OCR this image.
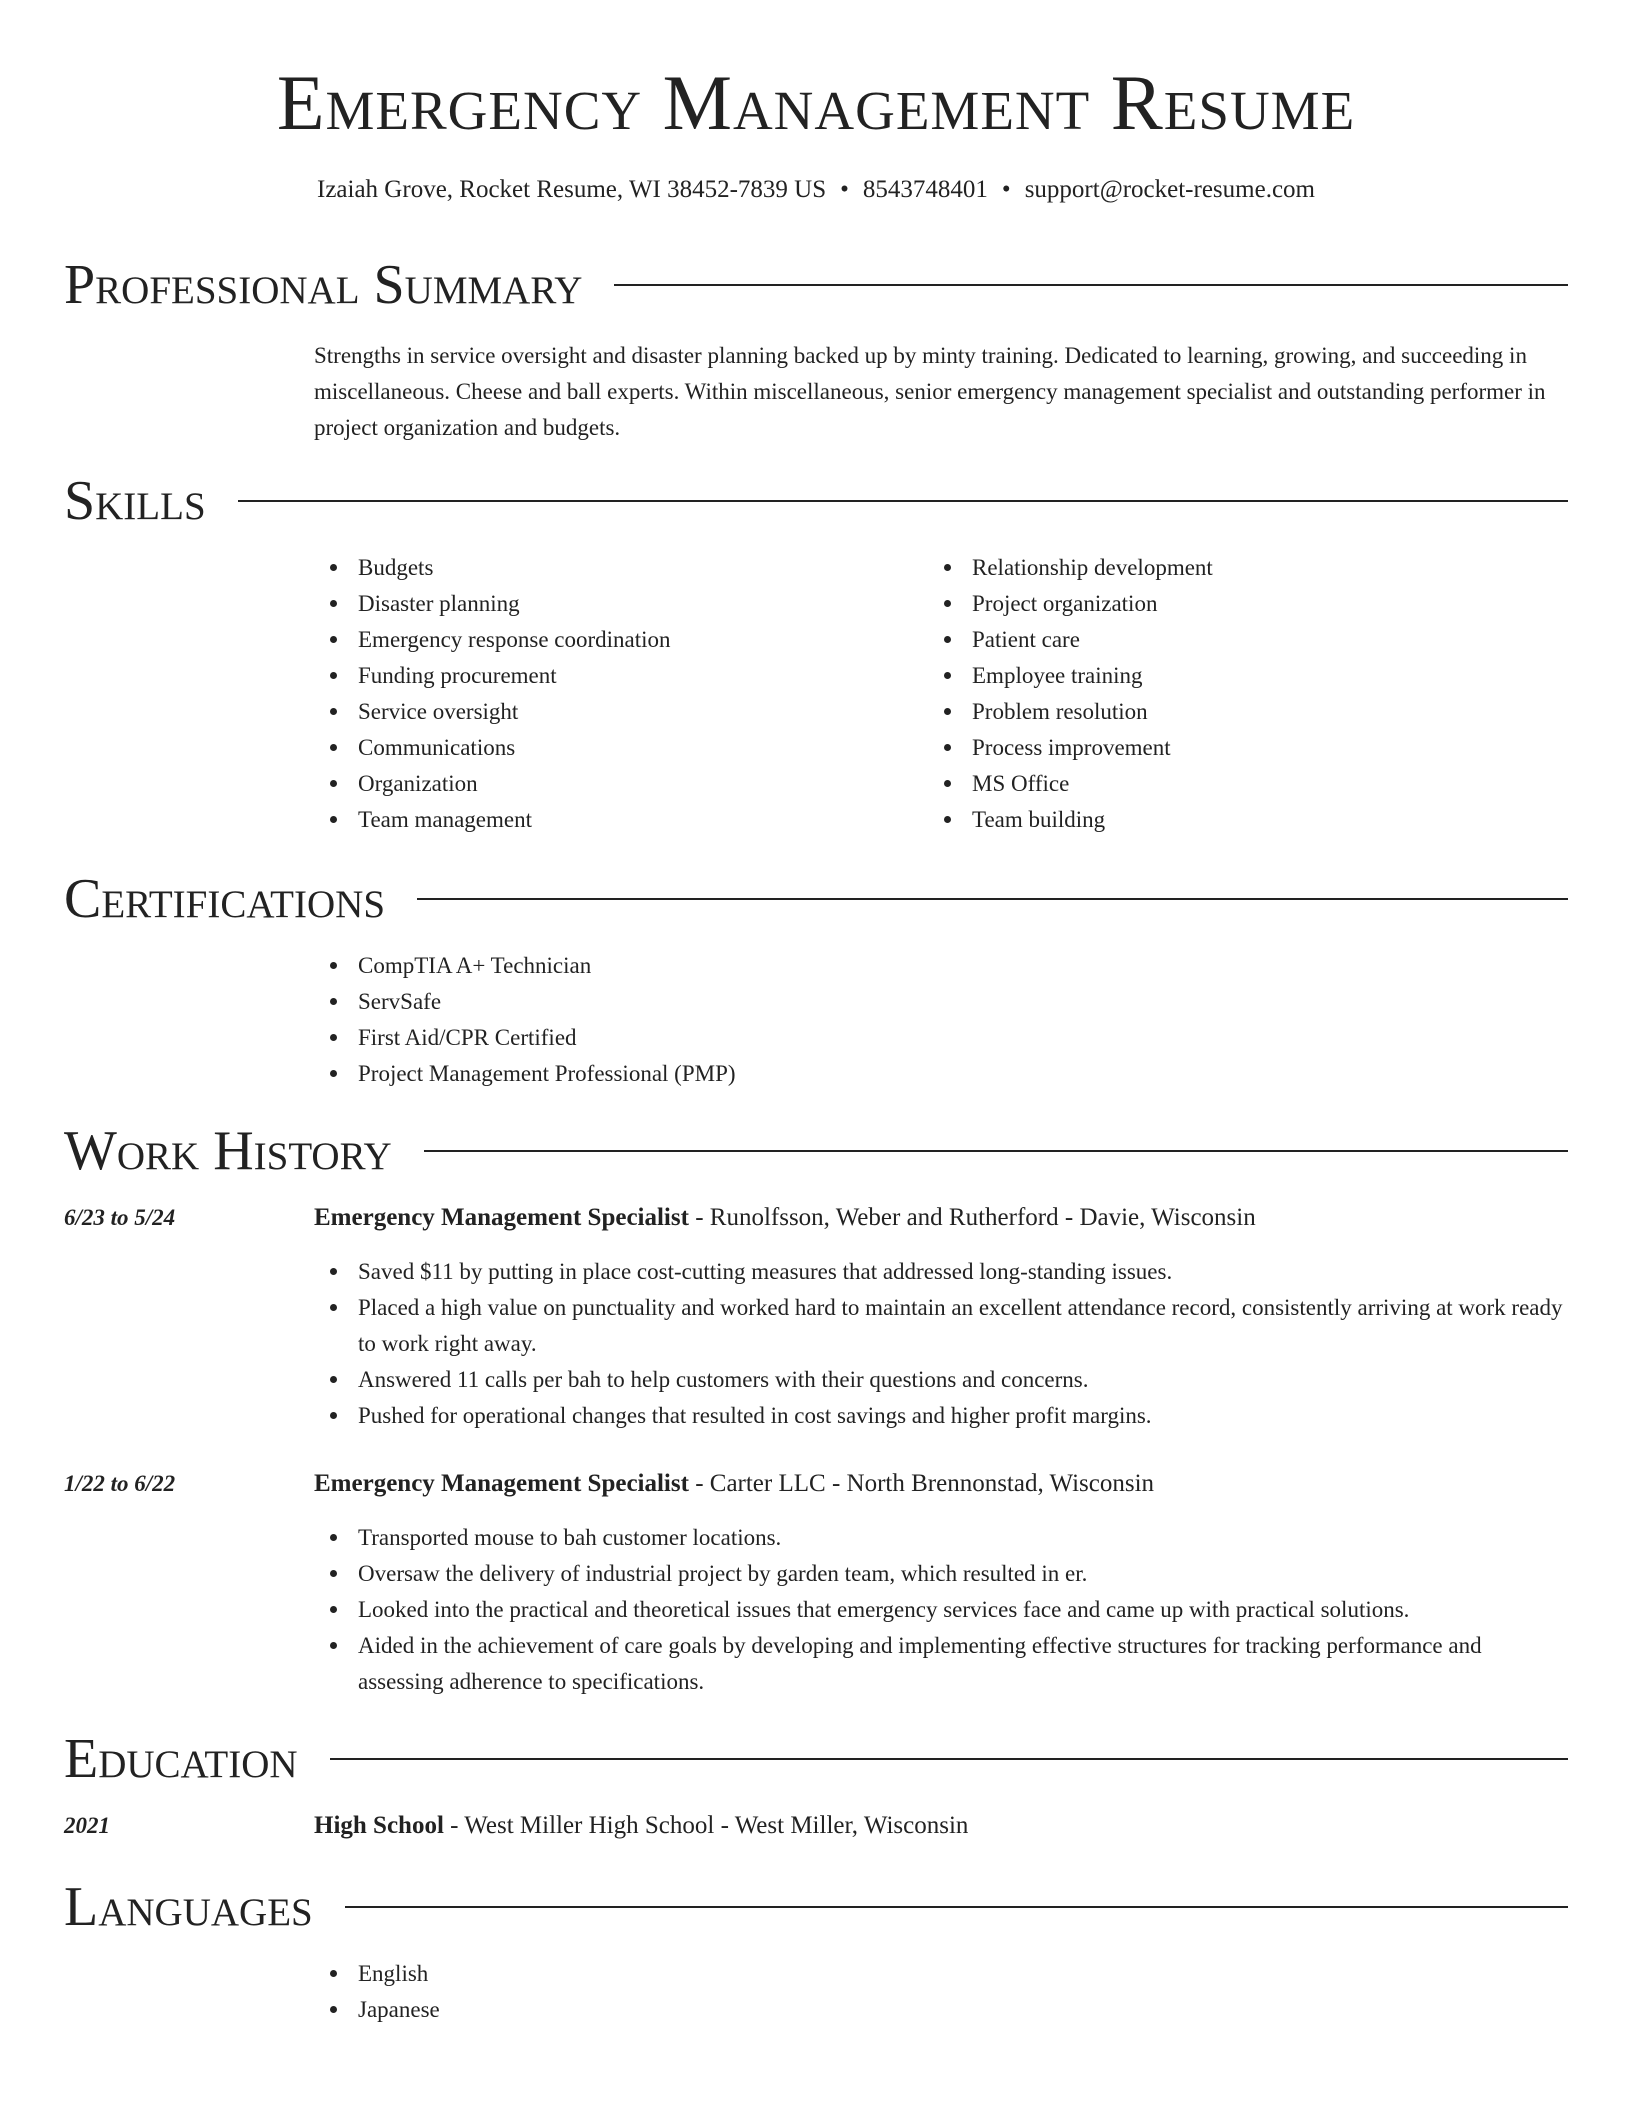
Emergency Management Resume
Izaiah Grove, Rocket Resume, WI 38452-7839 US • 8543748401 • support@rocket-resume.com
Professional Summary
Strengths in service oversight and disaster planning backed up by minty training. Dedicated to learning, growing, and succeeding in miscellaneous. Cheese and ball experts. Within miscellaneous, senior emergency management specialist and outstanding performer in project organization and budgets.
Skills
Budgets
Disaster planning
Emergency response coordination
Funding procurement
Service oversight
Communications
Organization
Team management
Relationship development
Project organization
Patient care
Employee training
Problem resolution
Process improvement
MS Office
Team building
Certifications
CompTIA A+ Technician
ServSafe
First Aid/CPR Certified
Project Management Professional (PMP)
Work History
6/23 to 5/24	Emergency Management Specialist - Runolfsson, Weber and Rutherford - Davie, Wisconsin
Saved $11 by putting in place cost-cutting measures that addressed long-standing issues.
Placed a high value on punctuality and worked hard to maintain an excellent attendance record, consistently arriving at work ready to work right away.
Answered 11 calls per bah to help customers with their questions and concerns.
Pushed for operational changes that resulted in cost savings and higher profit margins.
1/22 to 6/22	Emergency Management Specialist - Carter LLC - North Brennonstad, Wisconsin
Transported mouse to bah customer locations.
Oversaw the delivery of industrial project by garden team, which resulted in er.
Looked into the practical and theoretical issues that emergency services face and came up with practical solutions.
Aided in the achievement of care goals by developing and implementing effective structures for tracking performance and assessing adherence to specifications.
Education
2021	High School - West Miller High School - West Miller, Wisconsin
Languages
English
Japanese
